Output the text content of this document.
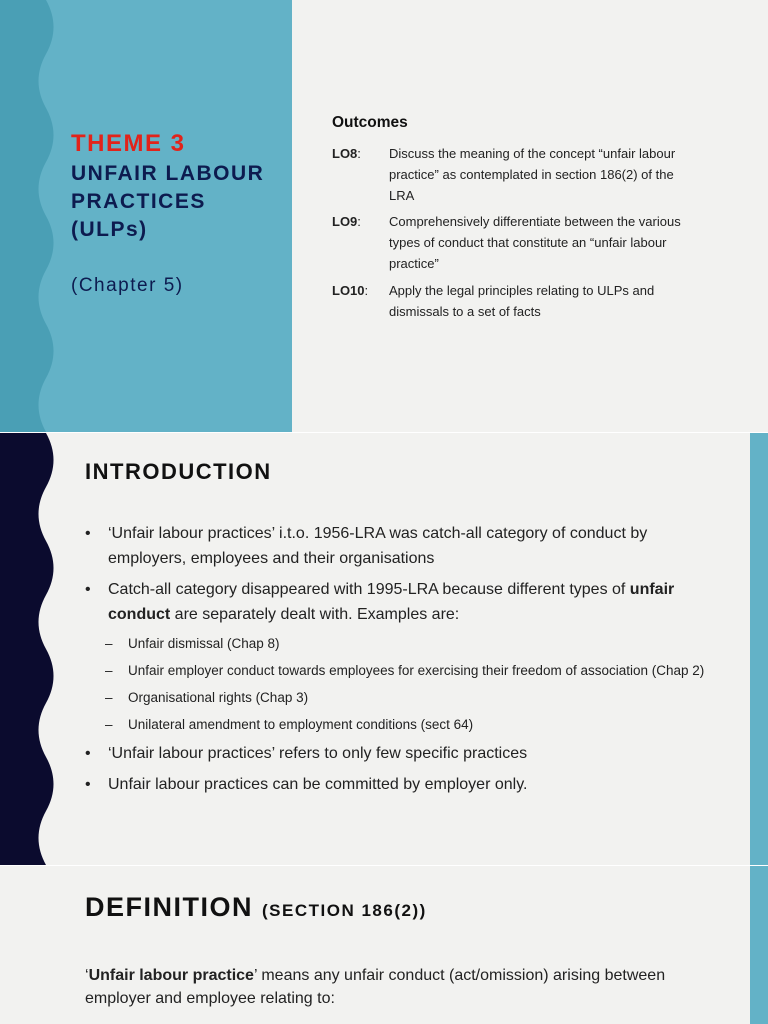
THEME 3
UNFAIR LABOUR
PRACTICES
(ULPs)
(Chapter 5)
Outcomes
LO8: Discuss the meaning of the concept “unfair labour practice” as contemplated in section 186(2) of the LRA
LO9: Comprehensively differentiate between the various types of conduct that constitute an “unfair labour practice”
LO10: Apply the legal principles relating to ULPs and dismissals to a set of facts
INTRODUCTION
• ‘Unfair labour practices’ i.t.o. 1956-LRA was catch-all category of conduct by employers, employees and their organisations
• Catch-all category disappeared with 1995-LRA because different types of unfair conduct are separately dealt with. Examples are:
– Unfair dismissal (Chap 8)
– Unfair employer conduct towards employees for exercising their freedom of association (Chap 2)
– Organisational rights (Chap 3)
– Unilateral amendment to employment conditions (sect 64)
• ‘Unfair labour practices’ refers to only few specific practices
• Unfair labour practices can be committed by employer only.
DEFINITION (SECTION 186(2))

‘Unfair labour practice’ means any unfair conduct (act/omission) arising between employer and employee relating to:
